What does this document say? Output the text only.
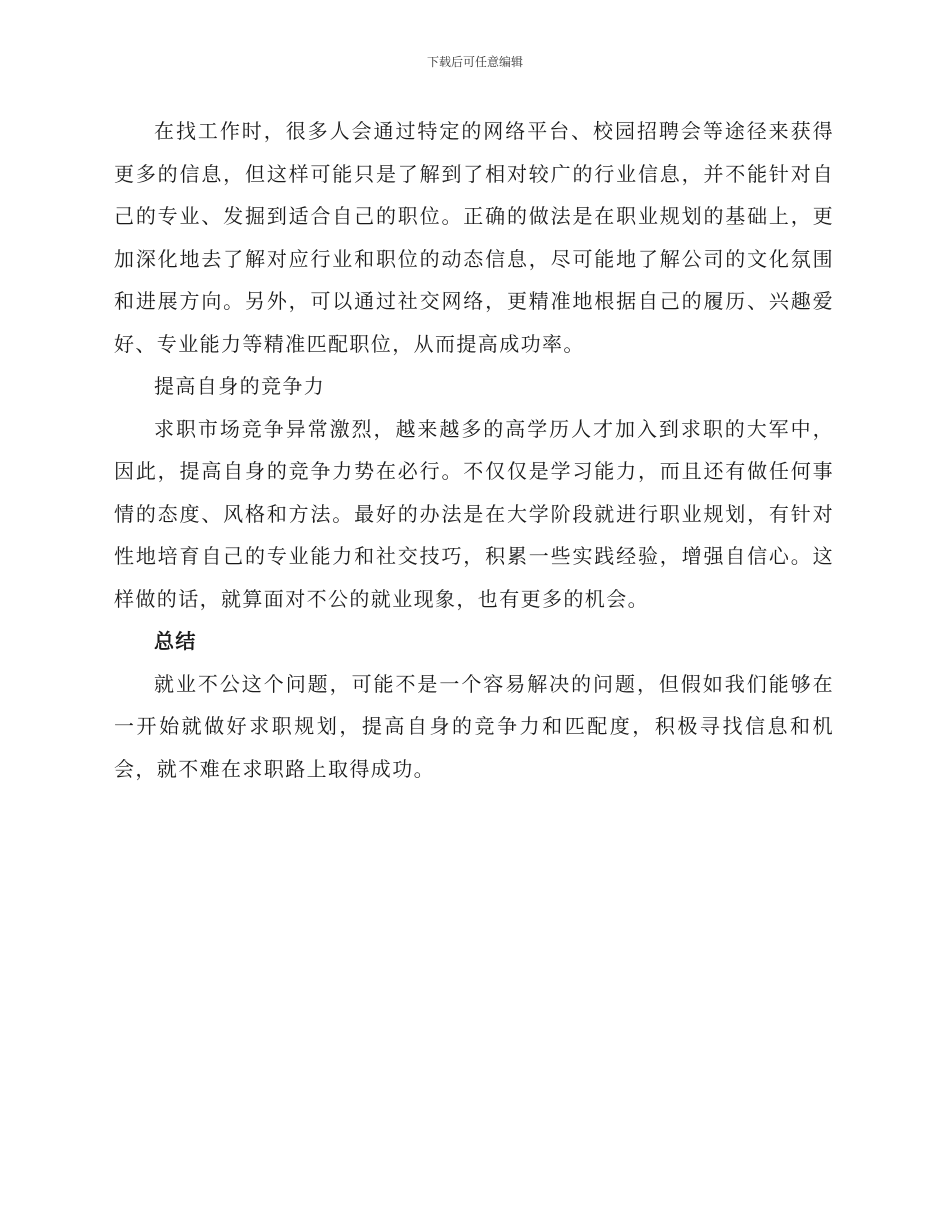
下载后可任意编辑

在找工作时，很多人会通过特定的网络平台、校园招聘会等途径来获得更多的信息，但这样可能只是了解到了相对较广的行业信息，并不能针对自己的专业、发掘到适合自己的职位。正确的做法是在职业规划的基础上，更加深化地去了解对应行业和职位的动态信息，尽可能地了解公司的文化氛围和进展方向。另外，可以通过社交网络，更精准地根据自己的履历、兴趣爱好、专业能力等精准匹配职位，从而提高成功率。

提高自身的竞争力

求职市场竞争异常激烈，越来越多的高学历人才加入到求职的大军中，因此，提高自身的竞争力势在必行。不仅仅是学习能力，而且还有做任何事情的态度、风格和方法。最好的办法是在大学阶段就进行职业规划，有针对性地培育自己的专业能力和社交技巧，积累一些实践经验，增强自信心。这样做的话，就算面对不公的就业现象，也有更多的机会。

总结

就业不公这个问题，可能不是一个容易解决的问题，但假如我们能够在一开始就做好求职规划，提高自身的竞争力和匹配度，积极寻找信息和机会，就不难在求职路上取得成功。
